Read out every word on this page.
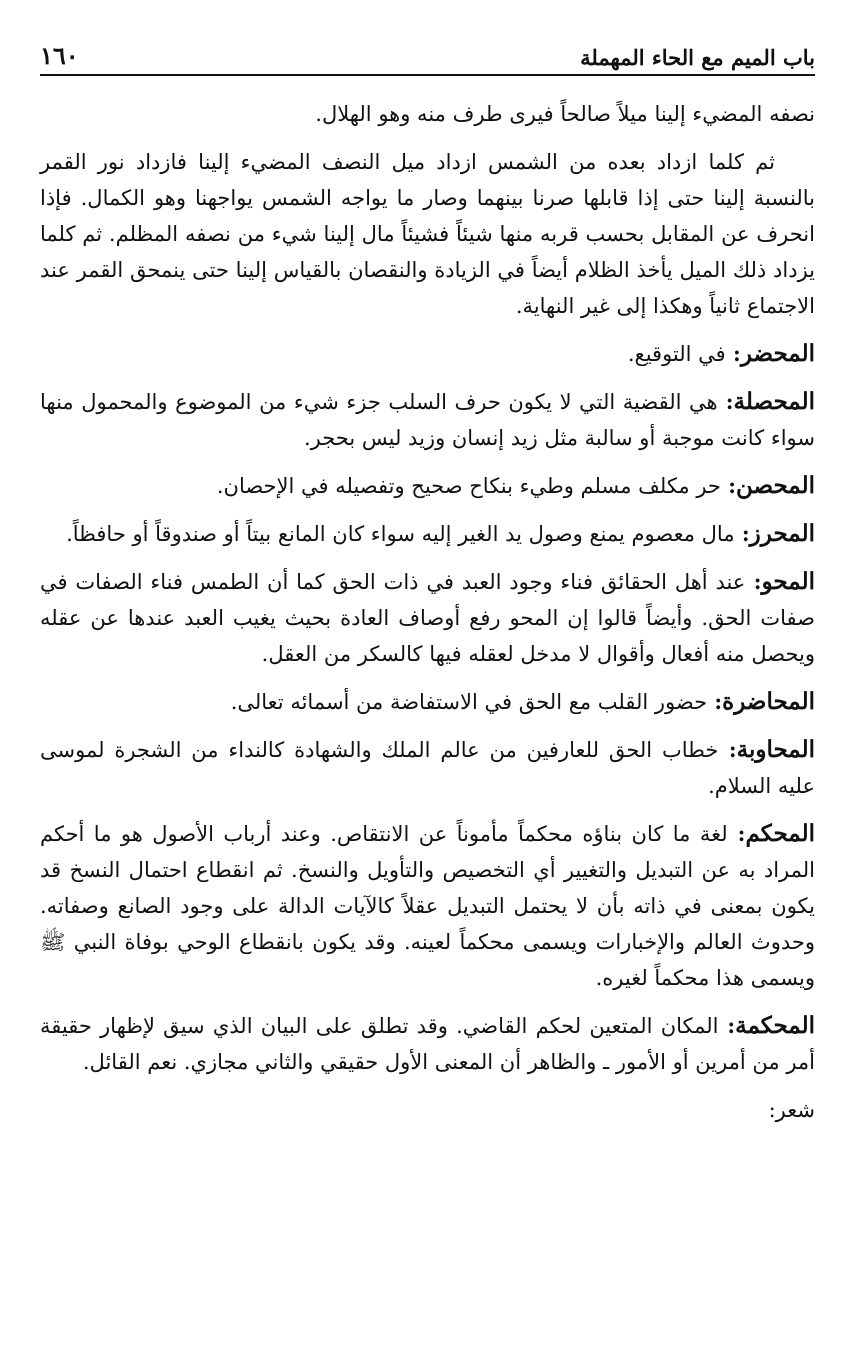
باب الميم مع الحاء المهملة
١٦٠

نصفه المضيء إلينا ميلاً صالحاً فيرى طرف منه وهو الهلال.

ثم كلما ازداد بعده من الشمس ازداد ميل النصف المضيء إلينا فازداد نور القمر بالنسبة إلينا حتى إذا قابلها صرنا بينهما وصار ما يواجه الشمس يواجهنا وهو الكمال. فإذا انحرف عن المقابل بحسب قربه منها شيئاً فشيئاً مال إلينا شيء من نصفه المظلم. ثم كلما يزداد ذلك الميل يأخذ الظلام أيضاً في الزيادة والنقصان بالقياس إلينا حتى ينمحق القمر عند الاجتماع ثانياً وهكذا إلى غير النهاية.

المحضر: في التوقيع.

المحصلة: هي القضية التي لا يكون حرف السلب جزء شيء من الموضوع والمحمول منها سواء كانت موجبة أو سالبة مثل زيد إنسان وزيد ليس بحجر.

المحصن: حر مكلف مسلم وطيء بنكاح صحيح وتفصيله في الإحصان.

المحرز: مال معصوم يمنع وصول يد الغير إليه سواء كان المانع بيتاً أو صندوقاً أو حافظاً.

المحو: عند أهل الحقائق فناء وجود العبد في ذات الحق كما أن الطمس فناء الصفات في صفات الحق. وأيضاً قالوا إن المحو رفع أوصاف العادة بحيث يغيب العبد عندها عن عقله ويحصل منه أفعال وأقوال لا مدخل لعقله فيها كالسكر من العقل.

المحاضرة: حضور القلب مع الحق في الاستفاضة من أسمائه تعالى.

المحاوبة: خطاب الحق للعارفين من عالم الملك والشهادة كالنداء من الشجرة لموسى عليه السلام.

المحكم: لغة ما كان بناؤه محكماً مأموناً عن الانتقاص. وعند أرباب الأصول هو ما أحكم المراد به عن التبديل والتغيير أي التخصيص والتأويل والنسخ. ثم انقطاع احتمال النسخ قد يكون بمعنى في ذاته بأن لا يحتمل التبديل عقلاً كالآيات الدالة على وجود الصانع وصفاته. وحدوث العالم والإخبارات ويسمى محكماً لعينه. وقد يكون بانقطاع الوحي بوفاة النبي ﷺ ويسمى هذا محكماً لغيره.

المحكمة: المكان المتعين لحكم القاضي. وقد تطلق على البيان الذي سيق لإظهار حقيقة أمر من أمرين أو الأمور ـ والظاهر أن المعنى الأول حقيقي والثاني مجازي. نعم القائل.

شعر:
